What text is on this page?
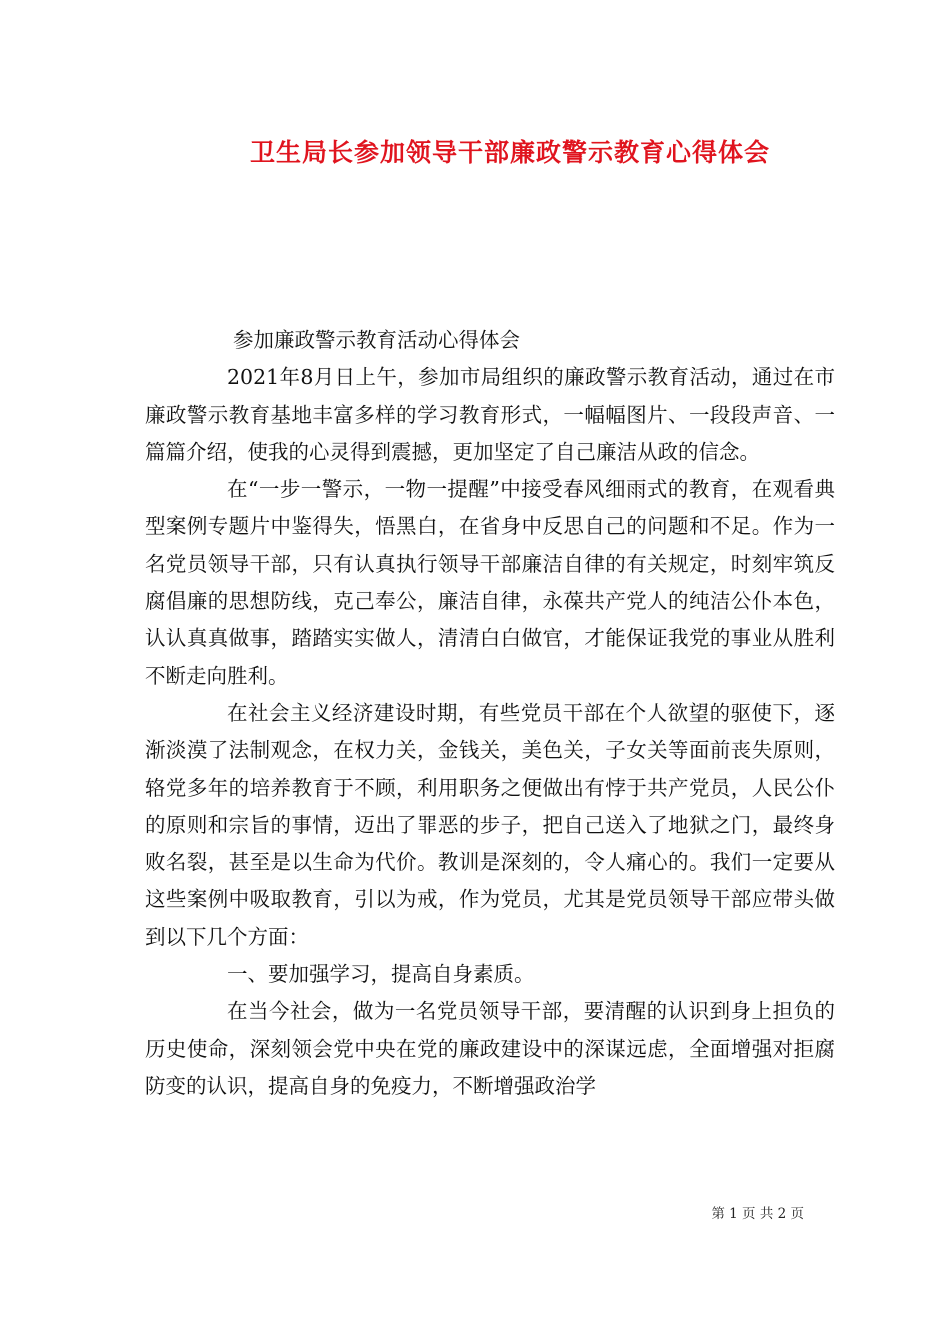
卫生局长参加领导干部廉政警示教育心得体会

参加廉政警示教育活动心得体会

2021年8月日上午，参加市局组织的廉政警示教育活动，通过在市廉政警示教育基地丰富多样的学习教育形式，一幅幅图片、一段段声音、一篇篇介绍，使我的心灵得到震撼，更加坚定了自己廉洁从政的信念。

在“一步一警示，一物一提醒”中接受春风细雨式的教育，在观看典型案例专题片中鉴得失，悟黑白，在省身中反思自己的问题和不足。作为一名党员领导干部，只有认真执行领导干部廉洁自律的有关规定，时刻牢筑反腐倡廉的思想防线，克己奉公，廉洁自律，永葆共产党人的纯洁公仆本色，认认真真做事，踏踏实实做人，清清白白做官，才能保证我党的事业从胜利不断走向胜利。

在社会主义经济建设时期，有些党员干部在个人欲望的驱使下，逐渐淡漠了法制观念，在权力关，金钱关，美色关，子女关等面前丧失原则，辂党多年的培养教育于不顾，利用职务之便做出有悖于共产党员，人民公仆的原则和宗旨的事情，迈出了罪恶的步子，把自己送入了地狱之门，最终身败名裂，甚至是以生命为代价。教训是深刻的，令人痛心的。我们一定要从这些案例中吸取教育，引以为戒，作为党员，尤其是党员领导干部应带头做到以下几个方面：

一、要加强学习，提高自身素质。

在当今社会，做为一名党员领导干部，要清醒的认识到身上担负的历史使命，深刻领会党中央在党的廉政建设中的深谋远虑，全面增强对拒腐防变的认识，提高自身的免疫力，不断增强政治学

第 1 页 共 2 页
